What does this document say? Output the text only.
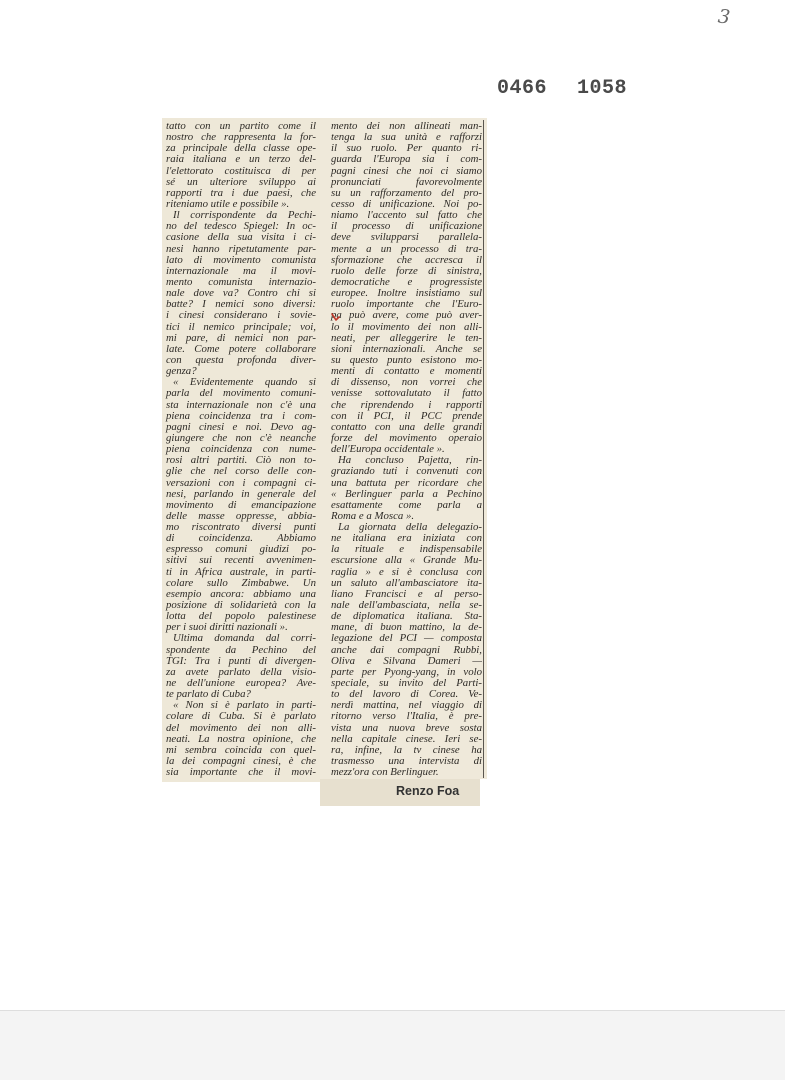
3
0466 1058
tatto con un partito come il
nostro che rappresenta la for-
za principale della classe ope-
raia italiana e un terzo del-
l'elettorato costituisca di per
sé un ulteriore sviluppo ai
rapporti tra i due paesi, che
riteniamo utile e possibile ».
Il corrispondente da Pechi-
no del tedesco Spiegel: In oc-
casione della sua visita i ci-
nesi hanno ripetutamente par-
lato di movimento comunista
internazionale ma il movi-
mento comunista internazio-
nale dove va? Contro chi si
batte? I nemici sono diversi:
i cinesi considerano i sovie-
tici il nemico principale; voi,
mi pare, di nemici non par-
late. Come potere collaborare
con questa profonda diver-
genza?
« Evidentemente quando si
parla del movimento comuni-
sta internazionale non c'è una
piena coincidenza tra i com-
pagni cinesi e noi. Devo ag-
giungere che non c'è neanche
piena coincidenza con nume-
rosi altri partiti. Ciò non to-
glie che nel corso delle con-
versazioni con i compagni ci-
nesi, parlando in generale del
movimento di emancipazione
delle masse oppresse, abbia-
mo riscontrato diversi punti
di coincidenza. Abbiamo
espresso comuni giudizi po-
sitivi sui recenti avvenimen-
ti in Africa australe, in parti-
colare sullo Zimbabwe. Un
esempio ancora: abbiamo una
posizione di solidarietà con la
lotta del popolo palestinese
per i suoi diritti nazionali ».
Ultima domanda dal corri-
spondente da Pechino del
TGI: Tra i punti di divergen-
za avete parlato della visio-
ne dell'unione europea? Ave-
te parlato di Cuba?
« Non si è parlato in parti-
colare di Cuba. Si è parlato
del movimento dei non alli-
neati. La nostra opinione, che
mi sembra coincida con quel-
la dei compagni cinesi, è che
sia importante che il movi-
mento dei non allineati man-
tenga la sua unità e rafforzi
il suo ruolo. Per quanto ri-
guarda l'Europa sia i com-
pagni cinesi che noi ci siamo
pronunciati favorevolmente
su un rafforzamento del pro-
cesso di unificazione. Noi po-
niamo l'accento sul fatto che
il processo di unificazione
deve svilupparsi parallela-
mente a un processo di tra-
sformazione che accresca il
ruolo delle forze di sinistra,
democratiche e progressiste
europee. Inoltre insistiamo sul
ruolo importante che l'Euro-
pa può avere, come può aver-
lo il movimento dei non alli-
neati, per alleggerire le ten-
sioni internazionali. Anche se
su questo punto esistono mo-
menti di contatto e momenti
di dissenso, non vorrei che
venisse sottovalutato il fatto
che riprendendo i rapporti
con il PCI, il PCC prende
contatto con una delle grandi
forze del movimento operaio
dell'Europa occidentale ».
Ha concluso Pajetta, rin-
graziando tuti i convenuti con
una battuta per ricordare che
« Berlinguer parla a Pechino
esattamente come parla a
Roma e a Mosca ».
La giornata della delegazio-
ne italiana era iniziata con
la rituale e indispensabile
escursione alla « Grande Mu-
raglia » e si è conclusa con
un saluto all'ambasciatore ita-
liano Francisci e al perso-
nale dell'ambasciata, nella se-
de diplomatica italiana. Sta-
mane, di buon mattino, la de-
legazione del PCI — composta
anche dai compagni Rubbi,
Oliva e Silvana Dameri —
parte per Pyong-yang, in volo
speciale, su invito del Parti-
to del lavoro di Corea. Ve-
nerdì mattina, nel viaggio di
ritorno verso l'Italia, è pre-
vista una nuova breve sosta
nella capitale cinese. Ieri se-
ra, infine, la tv cinese ha
trasmesso una intervista di
mezz'ora con Berlinguer.
Renzo Foa
